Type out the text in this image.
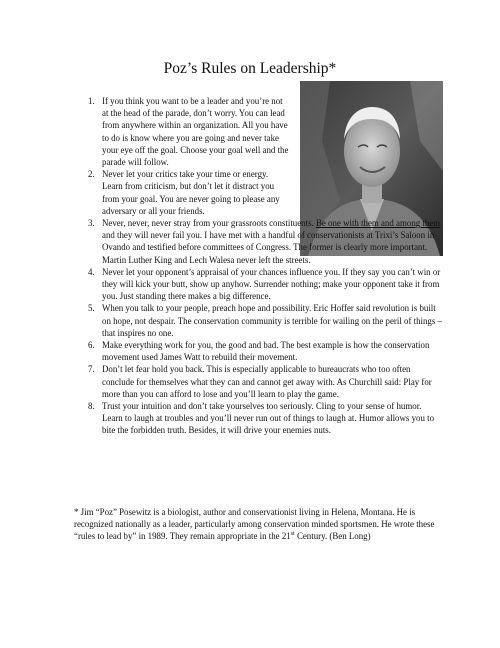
Poz’s Rules on Leadership*
1. If you think you want to be a leader and you’re not at the head of the parade, don’t worry. You can lead from anywhere within an organization. All you have to do is know where you are going and never take your eye off the goal. Choose your goal well and the parade will follow.
2. Never let your critics take your time or energy. Learn from criticism, but don’t let it distract you from your goal. You are never going to please any adversary or all your friends.
3. Never, never, never stray from your grassroots constituents. Be one with them and among them and they will never fail you. I have met with a handful of conservationists at Trixi’s Saloon in Ovando and testified before committees of Congress. The former is clearly more important. Martin Luther King and Lech Walesa never left the streets.
4. Never let your opponent’s appraisal of your chances influence you. If they say you can’t win or they will kick your butt, show up anyhow. Surrender nothing; make your opponent take it from you. Just standing there makes a big difference.
5. When you talk to your people, preach hope and possibility. Eric Hoffer said revolution is built on hope, not despair. The conservation community is terrible for wailing on the peril of things – that inspires no one.
6. Make everything work for you, the good and bad. The best example is how the conservation movement used James Watt to rebuild their movement.
7. Don’t let fear hold you back. This is especially applicable to bureaucrats who too often conclude for themselves what they can and cannot get away with. As Churchill said: Play for more than you can afford to lose and you’ll learn to play the game.
8. Trust your intuition and don’t take yourselves too seriously. Cling to your sense of humor. Learn to laugh at troubles and you’ll never run out of things to laugh at. Humor allows you to bite the forbidden truth. Besides, it will drive your enemies nuts.
* Jim “Poz” Posewitz is a biologist, author and conservationist living in Helena, Montana. He is recognized nationally as a leader, particularly among conservation minded sportsmen. He wrote these “rules to lead by” in 1989. They remain appropriate in the 21st Century. (Ben Long)
